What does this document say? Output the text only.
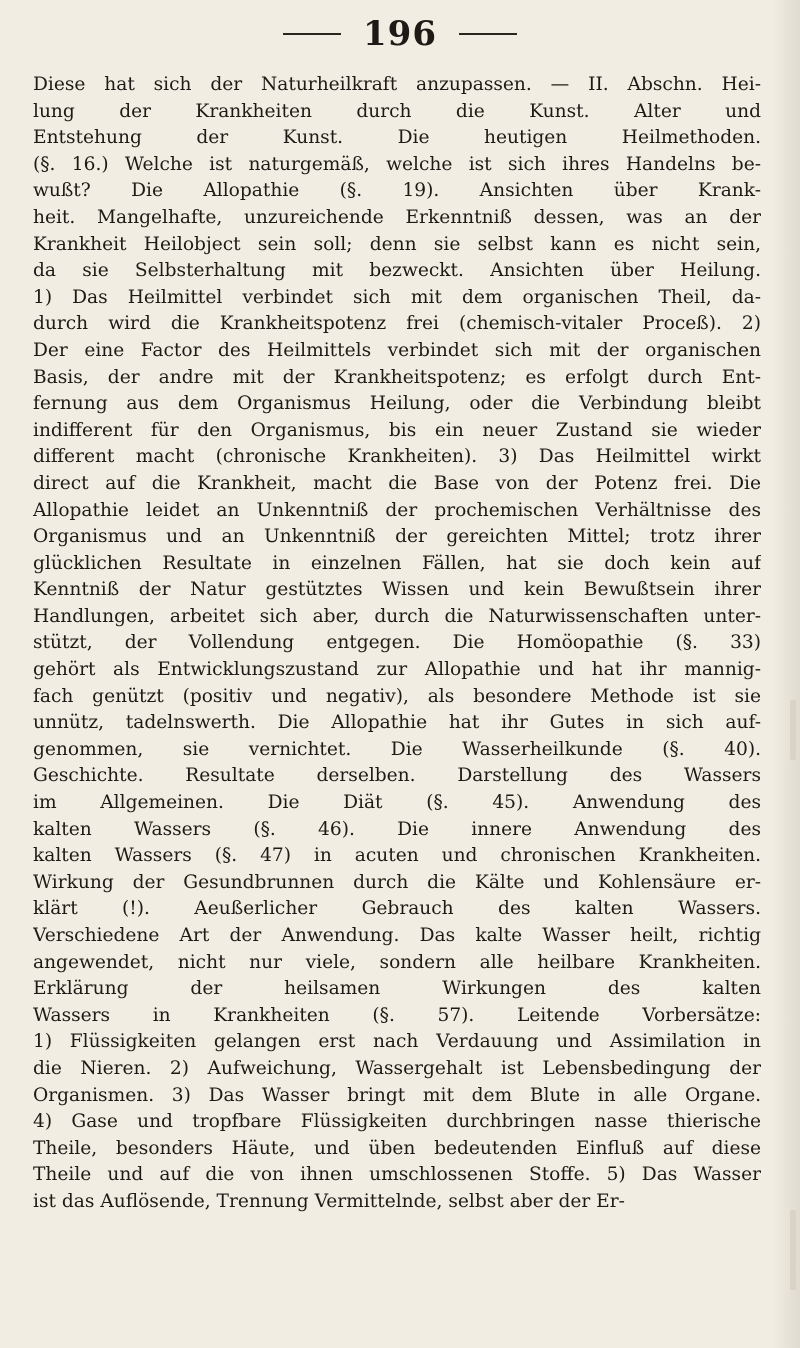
196
Diese hat sich der Naturheilkraft anzupassen. — II. Abschn. Hei-
lung der Krankheiten durch die Kunst. Alter und
Entstehung der Kunst. Die heutigen Heilmethoden.
(§. 16.) Welche ist naturgemäß, welche ist sich ihres Handelns be-
wußt? Die Allopathie (§. 19). Ansichten über Krank-
heit. Mangelhafte, unzureichende Erkenntniß dessen, was an der
Krankheit Heilobject sein soll; denn sie selbst kann es nicht sein,
da sie Selbsterhaltung mit bezweckt. Ansichten über Heilung.
1) Das Heilmittel verbindet sich mit dem organischen Theil, da-
durch wird die Krankheitspotenz frei (chemisch-vitaler Proceß). 2)
Der eine Factor des Heilmittels verbindet sich mit der organischen
Basis, der andre mit der Krankheitspotenz; es erfolgt durch Ent-
fernung aus dem Organismus Heilung, oder die Verbindung bleibt
indifferent für den Organismus, bis ein neuer Zustand sie wieder
different macht (chronische Krankheiten). 3) Das Heilmittel wirkt
direct auf die Krankheit, macht die Base von der Potenz frei. Die
Allopathie leidet an Unkenntniß der prochemischen Verhältnisse des
Organismus und an Unkenntniß der gereichten Mittel; trotz ihrer
glücklichen Resultate in einzelnen Fällen, hat sie doch kein auf
Kenntniß der Natur gestütztes Wissen und kein Bewußtsein ihrer
Handlungen, arbeitet sich aber, durch die Naturwissenschaften unter-
stützt, der Vollendung entgegen. Die Homöopathie (§. 33)
gehört als Entwicklungszustand zur Allopathie und hat ihr mannig-
fach genützt (positiv und negativ), als besondere Methode ist sie
unnütz, tadelnswerth. Die Allopathie hat ihr Gutes in sich auf-
genommen, sie vernichtet. Die Wasserheilkunde (§. 40).
Geschichte. Resultate derselben. Darstellung des Wassers
im Allgemeinen. Die Diät (§. 45). Anwendung des
kalten Wassers (§. 46). Die innere Anwendung des
kalten Wassers (§. 47) in acuten und chronischen Krankheiten.
Wirkung der Gesundbrunnen durch die Kälte und Kohlensäure er-
klärt (!). Aeußerlicher Gebrauch des kalten Wassers.
Verschiedene Art der Anwendung. Das kalte Wasser heilt, richtig
angewendet, nicht nur viele, sondern alle heilbare Krankheiten.
Erklärung der heilsamen Wirkungen des kalten
Wassers in Krankheiten (§. 57). Leitende Vorbersätze:
1) Flüssigkeiten gelangen erst nach Verdauung und Assimilation in
die Nieren. 2) Aufweichung, Wassergehalt ist Lebensbedingung der
Organismen. 3) Das Wasser bringt mit dem Blute in alle Organe.
4) Gase und tropfbare Flüssigkeiten durchbringen nasse thierische
Theile, besonders Häute, und üben bedeutenden Einfluß auf diese
Theile und auf die von ihnen umschlossenen Stoffe. 5) Das Wasser
ist das Auflösende, Trennung Vermittelnde, selbst aber der Er-
